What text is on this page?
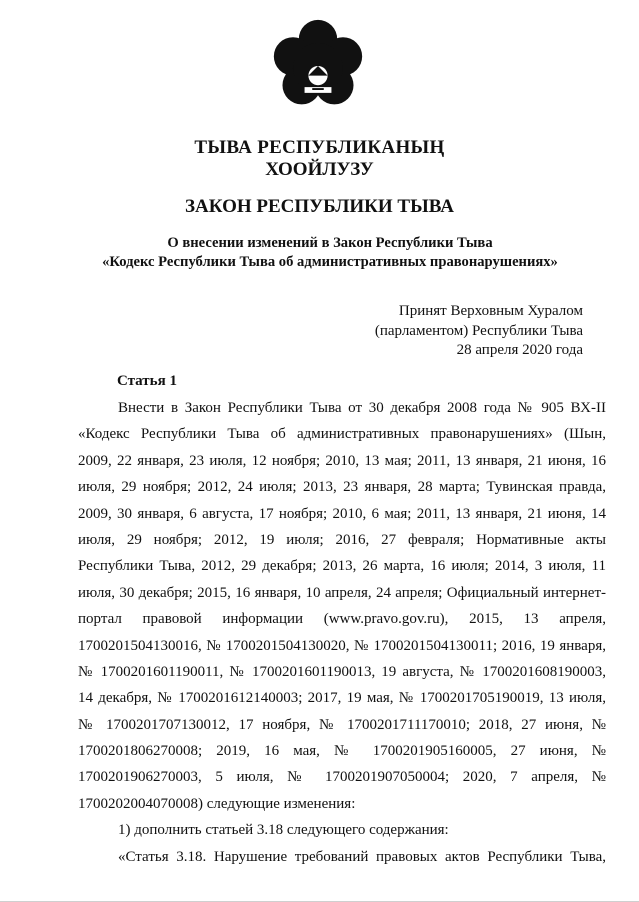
ТЫВА РЕСПУБЛИКАНЫҢ
ХООЙЛУЗУ
ЗАКОН РЕСПУБЛИКИ ТЫВА
О внесении изменений в Закон Республики Тыва
«Кодекс Республики Тыва об административных правонарушениях»
Принят Верховным Хуралом
(парламентом) Республики Тыва
28 апреля 2020 года
Статья 1
Внести в Закон Республики Тыва от 30 декабря 2008 года № 905 ВХ-II
«Кодекс Республики Тыва об административных правонарушениях» (Шын,
2009, 22 января, 23 июля, 12 ноября; 2010, 13 мая; 2011, 13 января, 21 июня, 16
июля, 29 ноября; 2012, 24 июля; 2013, 23 января, 28 марта; Тувинская правда,
2009, 30 января, 6 августа, 17 ноября; 2010, 6 мая; 2011, 13 января, 21 июня, 14
июля, 29 ноября; 2012, 19 июля; 2016, 27 февраля; Нормативные акты
Республики Тыва, 2012, 29 декабря; 2013, 26 марта, 16 июля; 2014, 3 июля, 11
июля, 30 декабря; 2015, 16 января, 10 апреля, 24 апреля; Официальный интернет-
портал правовой информации (www.pravo.gov.ru), 2015, 13 апреля,
1700201504130016, № 1700201504130020, № 1700201504130011; 2016, 19 января,
№ 1700201601190011, № 1700201601190013, 19 августа, № 1700201608190003,
14 декабря, № 1700201612140003; 2017, 19 мая, № 1700201705190019, 13 июля,
№ 1700201707130012, 17 ноября, № 1700201711170010; 2018, 27 июня, №
1700201806270008; 2019, 16 мая, № 1700201905160005, 27 июня, №
1700201906270003, 5 июля, № 1700201907050004; 2020, 7 апреля, №
1700202004070008) следующие изменения:
1) дополнить статьей 3.18 следующего содержания:
«Статья 3.18. Нарушение требований правовых актов Республики Тыва,
